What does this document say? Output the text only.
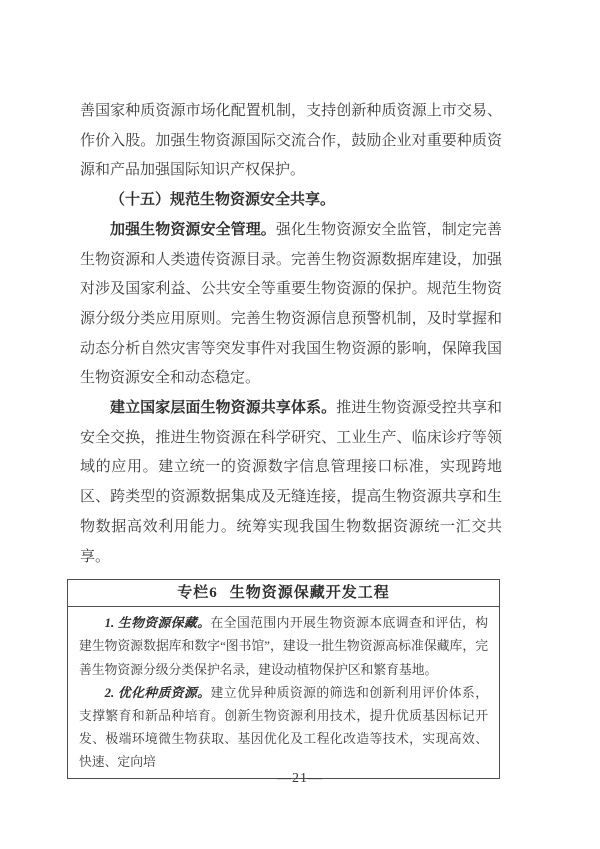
善国家种质资源市场化配置机制，支持创新种质资源上市交易、作价入股。加强生物资源国际交流合作，鼓励企业对重要种质资源和产品加强国际知识产权保护。

（十五）规范生物资源安全共享。

加强生物资源安全管理。强化生物资源安全监管，制定完善生物资源和人类遗传资源目录。完善生物资源数据库建设，加强对涉及国家利益、公共安全等重要生物资源的保护。规范生物资源分级分类应用原则。完善生物资源信息预警机制，及时掌握和动态分析自然灾害等突发事件对我国生物资源的影响，保障我国生物资源安全和动态稳定。

建立国家层面生物资源共享体系。推进生物资源受控共享和安全交换，推进生物资源在科学研究、工业生产、临床诊疗等领域的应用。建立统一的资源数字信息管理接口标准，实现跨地区、跨类型的资源数据集成及无缝连接，提高生物资源共享和生物数据高效利用能力。统筹实现我国生物数据资源统一汇交共享。

专栏6 生物资源保藏开发工程

1. 生物资源保藏。在全国范围内开展生物资源本底调查和评估，构建生物资源数据库和数字“图书馆”，建设一批生物资源高标准保藏库，完善生物资源分级分类保护名录，建设动植物保护区和繁育基地。

2. 优化种质资源。建立优异种质资源的筛选和创新利用评价体系，支撑繁育和新品种培育。创新生物资源利用技术，提升优质基因标记开发、极端环境微生物获取、基因优化及工程化改造等技术，实现高效、快速、定向培

—21—
